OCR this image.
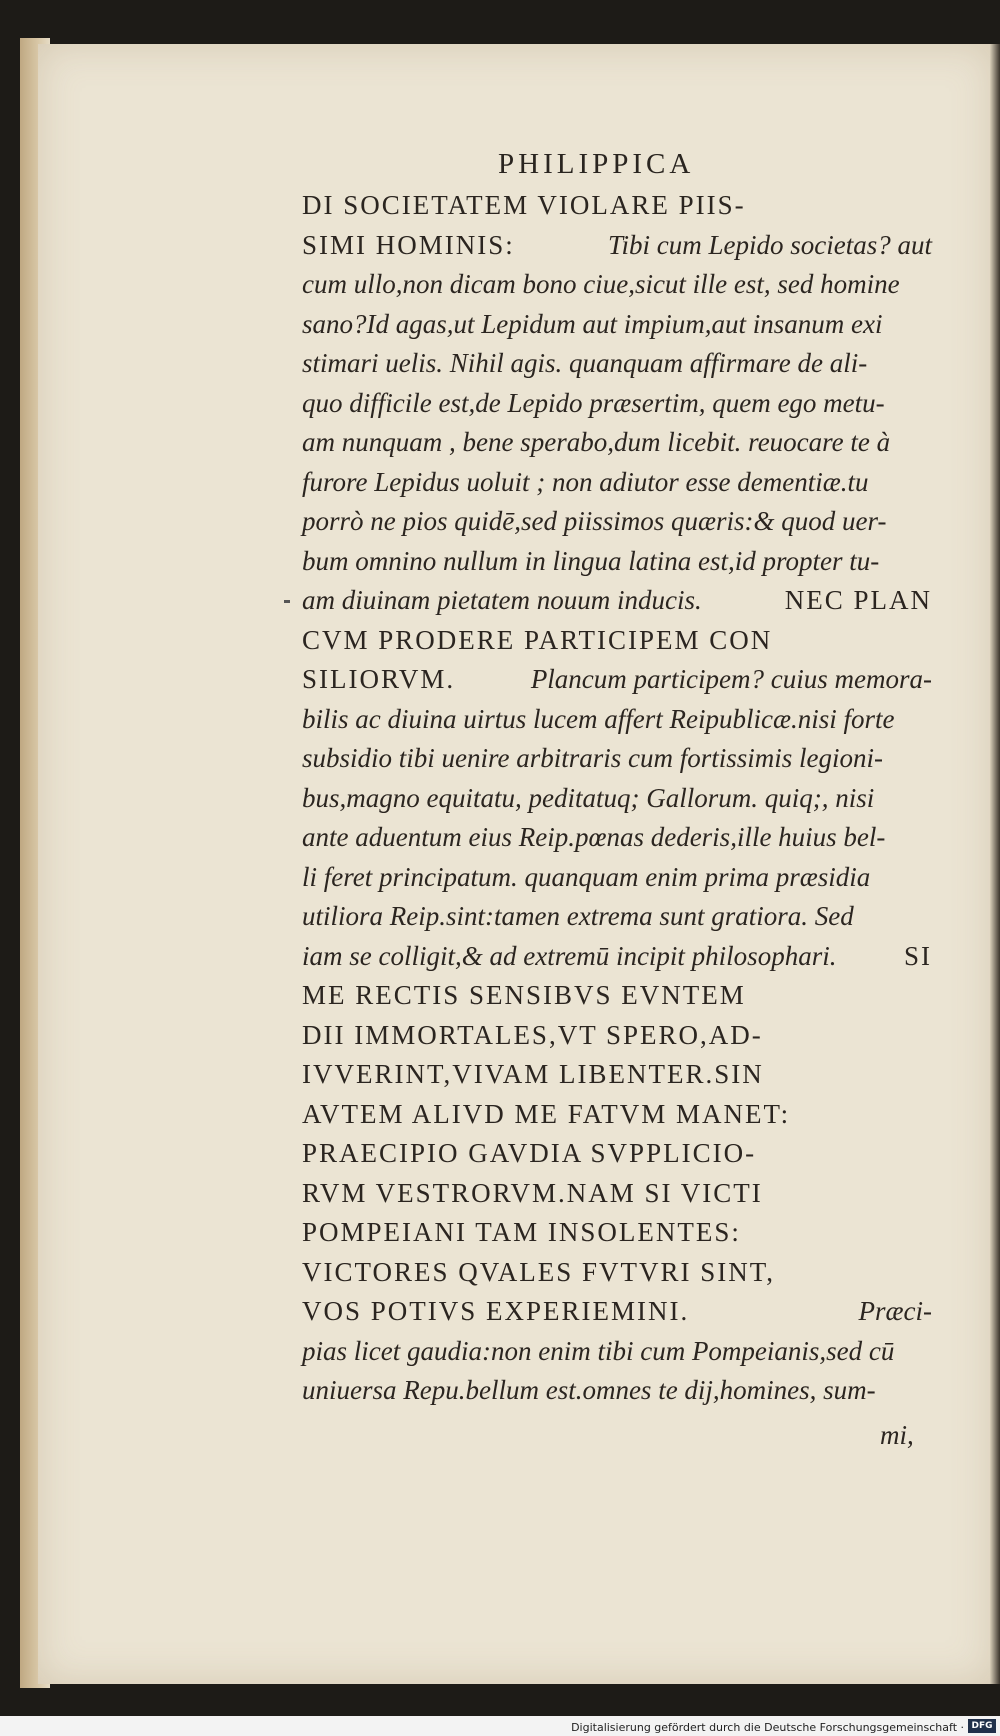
PHILIPPICA
DI SOCIETATEM VIOLARE PIIS-
SIMI HOMINIS:	Tibi cum Lepido societas? aut
cum ullo,non dicam bono ciue,sicut ille est, sed homine
sano?Id agas,ut Lepidum aut impium,aut insanum exi
stimari uelis. Nihil agis. quanquam affirmare de ali-
quo difficile est,de Lepido præsertim, quem ego metu-
am nunquam , bene sperabo,dum licebit. reuocare te à
furore Lepidus uoluit ; non adiutor esse dementiæ.tu
porrò ne pios quidē,sed piissimos quæris:& quod uer-
bum omnino nullum in lingua latina est,id propter tu-
am diuinam pietatem nouum inducis.	NEC PLAN
CVM PRODERE PARTICIPEM CON
SILIORVM.	Plancum participem? cuius memora-
bilis ac diuina uirtus lucem affert Reipublicæ.nisi forte
subsidio tibi uenire arbitraris cum fortissimis legioni-
bus,magno equitatu, peditatuq; Gallorum. quiq;, nisi
ante aduentum eius Reip.pœnas dederis,ille huius bel-
li feret principatum. quanquam enim prima præsidia
utiliora Reip.sint:tamen extrema sunt gratiora. Sed
iam se colligit,& ad extremū incipit philosophari.	SI
ME RECTIS SENSIBVS EVNTEM
DII IMMORTALES,VT SPERO,AD-
IVVERINT,VIVAM LIBENTER.SIN
AVTEM ALIVD ME FATVM MANET:
PRAECIPIO GAVDIA SVPPLICIO-
RVM VESTRORVM.NAM SI VICTI
POMPEIANI TAM INSOLENTES:
VICTORES QVALES FVTVRI SINT,
VOS POTIVS EXPERIEMINI.	Præci-
pias licet gaudia:non enim tibi cum Pompeianis,sed cū
uniuersa Repu.bellum est.omnes te dij,homines, sum-
mi,
Digitalisierung gefördert durch die Deutsche Forschungsgemeinschaft · DFG
